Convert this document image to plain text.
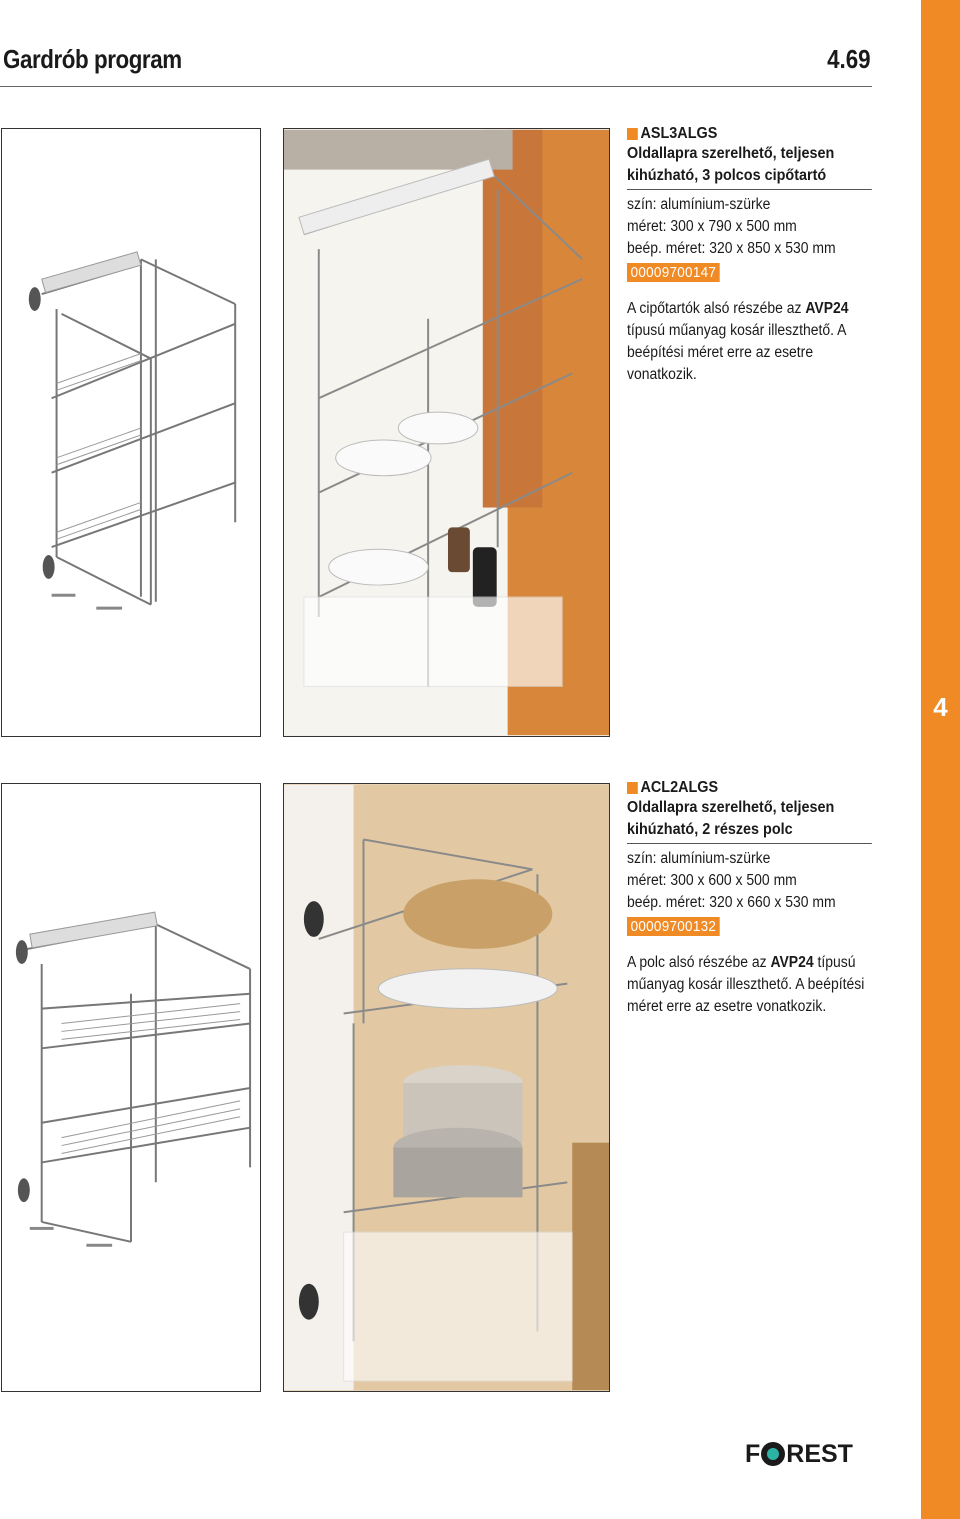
4
Gardrób program	4.69
ASL3ALGS
Oldallapra szerelhető, teljesen
kihúzható, 3 polcos cipőtartó
szín: alumínium-szürke
méret: 300 x 790 x 500 mm
beép. méret: 320 x 850 x 530 mm
00009700147
A cipőtartók alsó részébe az AVP24 típusú műanyag kosár illeszthető. A beépítési méret erre az esetre vonatkozik.
ACL2ALGS
Oldallapra szerelhető, teljesen
kihúzható, 2 részes polc
szín: alumínium-szürke
méret: 300 x 600 x 500 mm
beép. méret: 320 x 660 x 530 mm
00009700132
A polc alsó részébe az AVP24 típusú műanyag kosár illeszthető. A beépítési méret erre az esetre vonatkozik.
F REST
